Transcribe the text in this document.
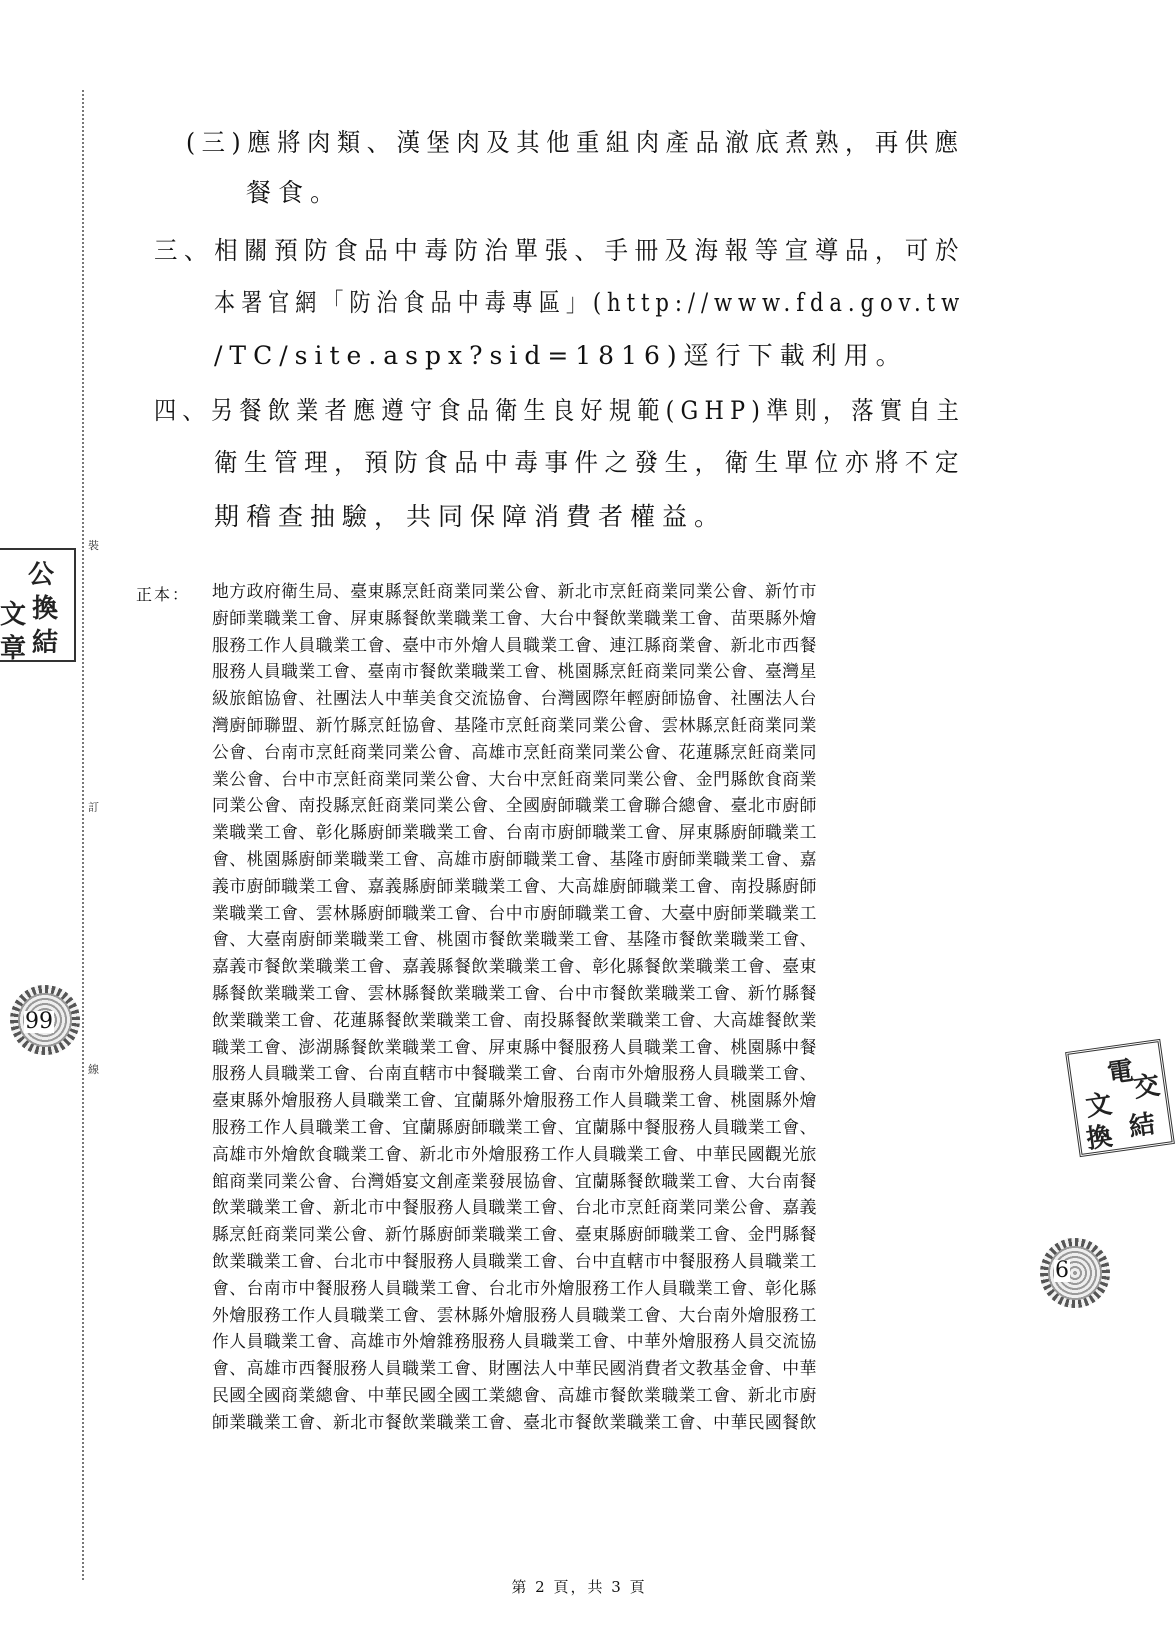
裝
訂
線
公
換
文
結
章
99
6
電
交
文
結
換
(三)應將肉類、漢堡肉及其他重組肉產品澈底煮熟，再供應
餐食。
三、相關預防食品中毒防治單張、手冊及海報等宣導品，可於
本署官網「防治食品中毒專區」(http://www.fda.gov.tw
/TC/site.aspx?sid=1816)逕行下載利用。
四、另餐飲業者應遵守食品衛生良好規範(GHP)準則，落實自主
衛生管理，預防食品中毒事件之發生，衛生單位亦將不定
期稽查抽驗，共同保障消費者權益。
正本： 地方政府衛生局、臺東縣烹飪商業同業公會、新北市烹飪商業同業公會、新竹市
廚師業職業工會、屏東縣餐飲業職業工會、大台中餐飲業職業工會、苗栗縣外燴
服務工作人員職業工會、臺中市外燴人員職業工會、連江縣商業會、新北市西餐
服務人員職業工會、臺南市餐飲業職業工會、桃園縣烹飪商業同業公會、臺灣星
級旅館協會、社團法人中華美食交流協會、台灣國際年輕廚師協會、社團法人台
灣廚師聯盟、新竹縣烹飪協會、基隆市烹飪商業同業公會、雲林縣烹飪商業同業
公會、台南市烹飪商業同業公會、高雄市烹飪商業同業公會、花蓮縣烹飪商業同
業公會、台中市烹飪商業同業公會、大台中烹飪商業同業公會、金門縣飲食商業
同業公會、南投縣烹飪商業同業公會、全國廚師職業工會聯合總會、臺北市廚師
業職業工會、彰化縣廚師業職業工會、台南市廚師職業工會、屏東縣廚師職業工
會、桃園縣廚師業職業工會、高雄市廚師職業工會、基隆市廚師業職業工會、嘉
義市廚師職業工會、嘉義縣廚師業職業工會、大高雄廚師職業工會、南投縣廚師
業職業工會、雲林縣廚師職業工會、台中市廚師職業工會、大臺中廚師業職業工
會、大臺南廚師業職業工會、桃園市餐飲業職業工會、基隆市餐飲業職業工會、
嘉義市餐飲業職業工會、嘉義縣餐飲業職業工會、彰化縣餐飲業職業工會、臺東
縣餐飲業職業工會、雲林縣餐飲業職業工會、台中市餐飲業職業工會、新竹縣餐
飲業職業工會、花蓮縣餐飲業職業工會、南投縣餐飲業職業工會、大高雄餐飲業
職業工會、澎湖縣餐飲業職業工會、屏東縣中餐服務人員職業工會、桃園縣中餐
服務人員職業工會、台南直轄市中餐職業工會、台南市外燴服務人員職業工會、
臺東縣外燴服務人員職業工會、宜蘭縣外燴服務工作人員職業工會、桃園縣外燴
服務工作人員職業工會、宜蘭縣廚師職業工會、宜蘭縣中餐服務人員職業工會、
高雄市外燴飲食職業工會、新北市外燴服務工作人員職業工會、中華民國觀光旅
館商業同業公會、台灣婚宴文創產業發展協會、宜蘭縣餐飲職業工會、大台南餐
飲業職業工會、新北市中餐服務人員職業工會、台北市烹飪商業同業公會、嘉義
縣烹飪商業同業公會、新竹縣廚師業職業工會、臺東縣廚師職業工會、金門縣餐
飲業職業工會、台北市中餐服務人員職業工會、台中直轄市中餐服務人員職業工
會、台南市中餐服務人員職業工會、台北市外燴服務工作人員職業工會、彰化縣
外燴服務工作人員職業工會、雲林縣外燴服務人員職業工會、大台南外燴服務工
作人員職業工會、高雄市外燴雜務服務人員職業工會、中華外燴服務人員交流協
會、高雄市西餐服務人員職業工會、財團法人中華民國消費者文教基金會、中華
民國全國商業總會、中華民國全國工業總會、高雄市餐飲業職業工會、新北市廚
師業職業工會、新北市餐飲業職業工會、臺北市餐飲業職業工會、中華民國餐飲
第 2 頁，共 3 頁
